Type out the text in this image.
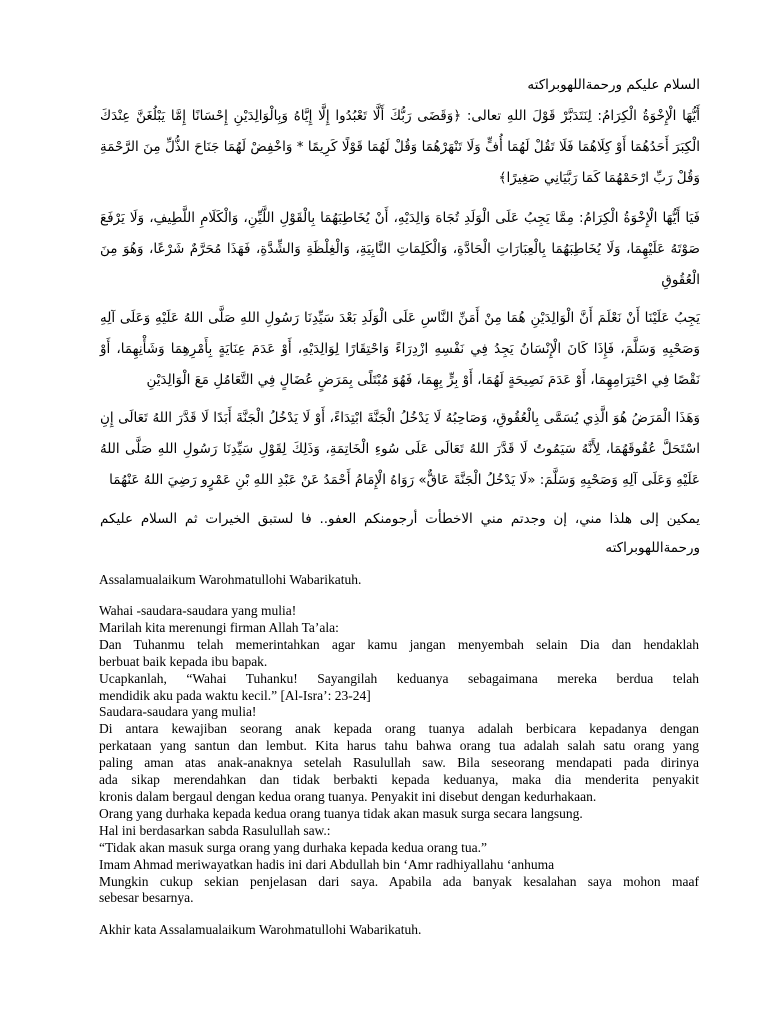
السلام عليكم ورحمةاللهوبراكته

أَيُّهَا الْإِخْوَةُ الْكِرَامُ: لِنَتَدَبَّرْ قَوْلَ اللهِ تعالى: ﴿وَقَضَى رَبُّكَ أَلَّا تَعْبُدُوا إِلَّا إِيَّاهُ وَبِالْوَالِدَيْنِ إِحْسَانًا إِمَّا يَبْلُغَنَّ عِنْدَكَ الْكِبَرَ أَحَدُهُمَا أَوْ كِلَاهُمَا فَلَا تَقُلْ لَهُمَا أُفٍّ وَلَا تَنْهَرْهُمَا وَقُلْ لَهُمَا قَوْلًا كَرِيمًا * وَاخْفِضْ لَهُمَا جَنَاحَ الذُّلِّ مِنَ الرَّحْمَةِ وَقُلْ رَبِّ ارْحَمْهُمَا كَمَا رَبَّيَانِي صَغِيرًا﴾

فَيَا أَيُّهَا الْإِخْوَةُ الْكِرَامُ: مِمَّا يَجِبُ عَلَى الْوَلَدِ تُجَاهَ وَالِدَيْهِ، أَنْ يُخَاطِبَهُمَا بِالْقَوْلِ اللَّيِّنِ، وَالْكَلَامِ اللَّطِيفِ، وَلَا يَرْفَعَ صَوْتَهُ عَلَيْهِمَا، وَلَا يُخَاطِبَهُمَا بِالْعِبَارَاتِ الْحَادَّةِ، وَالْكَلِمَاتِ النَّابِيَةِ، وَالْغِلْظَةِ وَالشِّدَّةِ، فَهَذَا مُحَرَّمٌ شَرْعًا، وَهُوَ مِنَ الْعُقُوقِ

يَجِبُ عَلَيْنَا أَنْ نَعْلَمَ أَنَّ الْوَالِدَيْنِ هُمَا مِنْ أَمَنِّ النَّاسِ عَلَى الْوَلَدِ بَعْدَ سَيِّدِنَا رَسُولِ اللهِ صَلَّى اللهُ عَلَيْهِ وَعَلَى آلِهِ وَصَحْبِهِ وَسَلَّمَ، فَإِذَا كَانَ الْإِنْسَانُ يَجِدُ فِي نَفْسِهِ ازْدِرَاءً وَاحْتِقَارًا لِوَالِدَيْهِ، أَوْ عَدَمَ عِنَايَةٍ بِأَمْرِهِمَا وَشَأْنِهِمَا، أَوْ نَقْصًا فِي احْتِرَامِهِمَا، أَوْ عَدَمَ نَصِيحَةٍ لَهُمَا، أَوْ بِرٍّ بِهِمَا، فَهُوَ مُبْتَلًى بِمَرَضٍ عُضَالٍ فِي التَّعَامُلِ مَعَ الْوَالِدَيْنِ

وَهَذَا الْمَرَضُ هُوَ الَّذِي يُسَمَّى بِالْعُقُوقِ، وَصَاحِبُهُ لَا يَدْخُلُ الْجَنَّةَ ابْتِدَاءً، أَوْ لَا يَدْخُلُ الْجَنَّةَ أَبَدًا لَا قَدَّرَ اللهُ تَعَالَى إِنِ اسْتَحَلَّ عُقُوقَهُمَا، لِأَنَّهُ سَيَمُوتُ لَا قَدَّرَ اللهُ تَعَالَى عَلَى سُوءِ الْخَاتِمَةِ، وَذَلِكَ لِقَوْلِ سَيِّدِنَا رَسُولِ اللهِ صَلَّى اللهُ عَلَيْهِ وَعَلَى آلِهِ وَصَحْبِهِ وَسَلَّمَ: «لَا يَدْخُلُ الْجَنَّةَ عَاقٌّ» رَوَاهُ الْإِمَامُ أَحْمَدُ عَنْ عَبْدِ اللهِ بْنِ عَمْرٍو رَضِيَ اللهُ عَنْهُمَا

يمكين إلى هلذا مني، إن وجدتم مني الاخطأت أرجومنكم العفو.. فا لستبق الخيرات ثم السلام عليكم ورحمةاللهوبراكته

Assalamualaikum Warohmatullohi Wabarikatuh.

Wahai -saudara-saudara yang mulia!
Marilah kita merenungi firman Allah Ta’ala:
Dan Tuhanmu telah memerintahkan agar kamu jangan menyembah selain Dia dan hendaklah
berbuat baik kepada ibu bapak.
Ucapkanlah, “Wahai Tuhanku! Sayangilah keduanya sebagaimana mereka berdua telah
mendidik aku pada waktu kecil.” [Al-Isra’: 23-24]
Saudara-saudara yang mulia!
Di antara kewajiban seorang anak kepada orang tuanya adalah berbicara kepadanya dengan
perkataan yang santun dan lembut. Kita harus tahu bahwa orang tua adalah salah satu orang yang
paling aman atas anak-anaknya setelah Rasulullah saw. Bila seseorang mendapati pada dirinya
ada sikap merendahkan dan tidak berbakti kepada keduanya, maka dia menderita penyakit
kronis dalam bergaul dengan kedua orang tuanya. Penyakit ini disebut dengan kedurhakaan.
Orang yang durhaka kepada kedua orang tuanya tidak akan masuk surga secara langsung.
Hal ini berdasarkan sabda Rasulullah saw.:
“Tidak akan masuk surga orang yang durhaka kepada kedua orang tua.”
Imam Ahmad meriwayatkan hadis ini dari Abdullah bin ‘Amr radhiyallahu ‘anhuma
Mungkin cukup sekian penjelasan dari saya. Apabila ada banyak kesalahan saya mohon maaf
sebesar besarnya.

Akhir kata Assalamualaikum Warohmatullohi Wabarikatuh.
